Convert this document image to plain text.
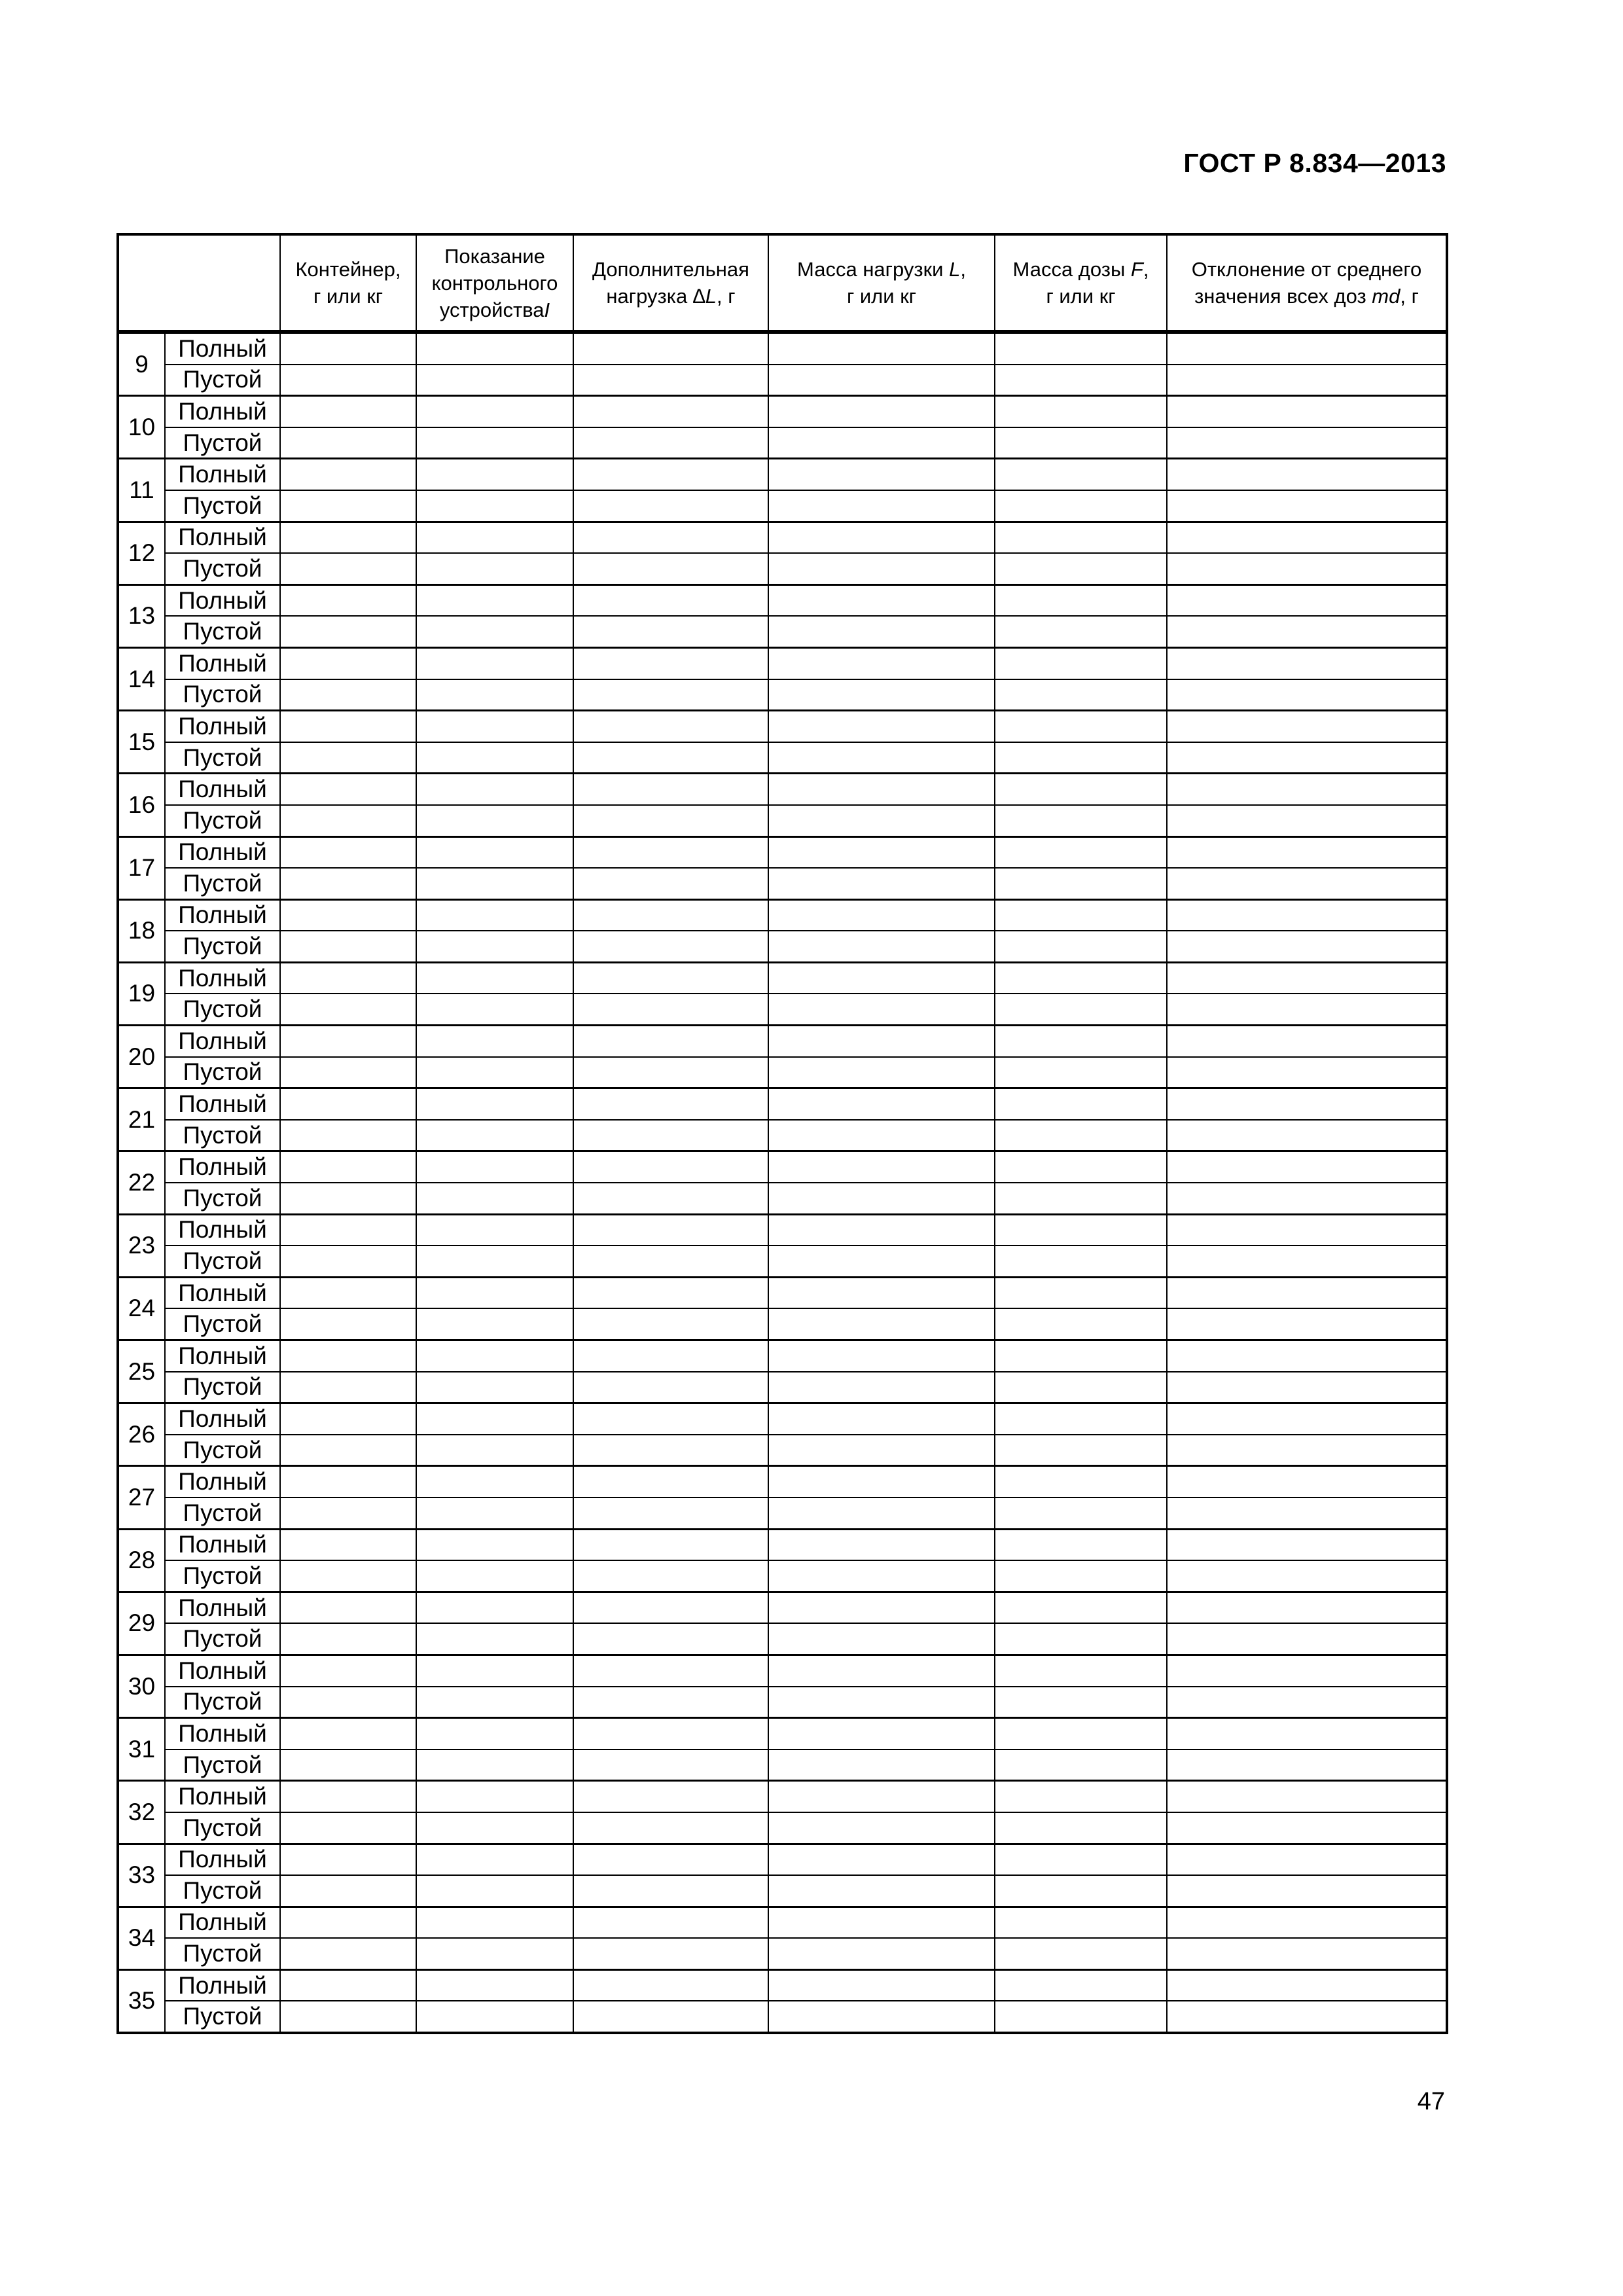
ГОСТ Р 8.834—2013
		Контейнер,
г или кг	Показание
контрольного
устройстваI	Дополнительная
нагрузка ∆L, г	Масса нагрузки L,
г или кг	Масса дозы F,
г или кг	Отклонение от среднего
значения всех доз md, г
9	Полный						
	Пустой						
10	Полный						
	Пустой						
11	Полный						
	Пустой						
12	Полный						
	Пустой						
13	Полный						
	Пустой						
14	Полный						
	Пустой						
15	Полный						
	Пустой						
16	Полный						
	Пустой						
17	Полный						
	Пустой						
18	Полный						
	Пустой						
19	Полный						
	Пустой						
20	Полный						
	Пустой						
21	Полный						
	Пустой						
22	Полный						
	Пустой						
23	Полный						
	Пустой						
24	Полный						
	Пустой						
25	Полный						
	Пустой						
26	Полный						
	Пустой						
27	Полный						
	Пустой						
28	Полный						
	Пустой						
29	Полный						
	Пустой						
30	Полный						
	Пустой						
31	Полный						
	Пустой						
32	Полный						
	Пустой						
33	Полный						
	Пустой						
34	Полный						
	Пустой						
35	Полный						
	Пустой						
47
